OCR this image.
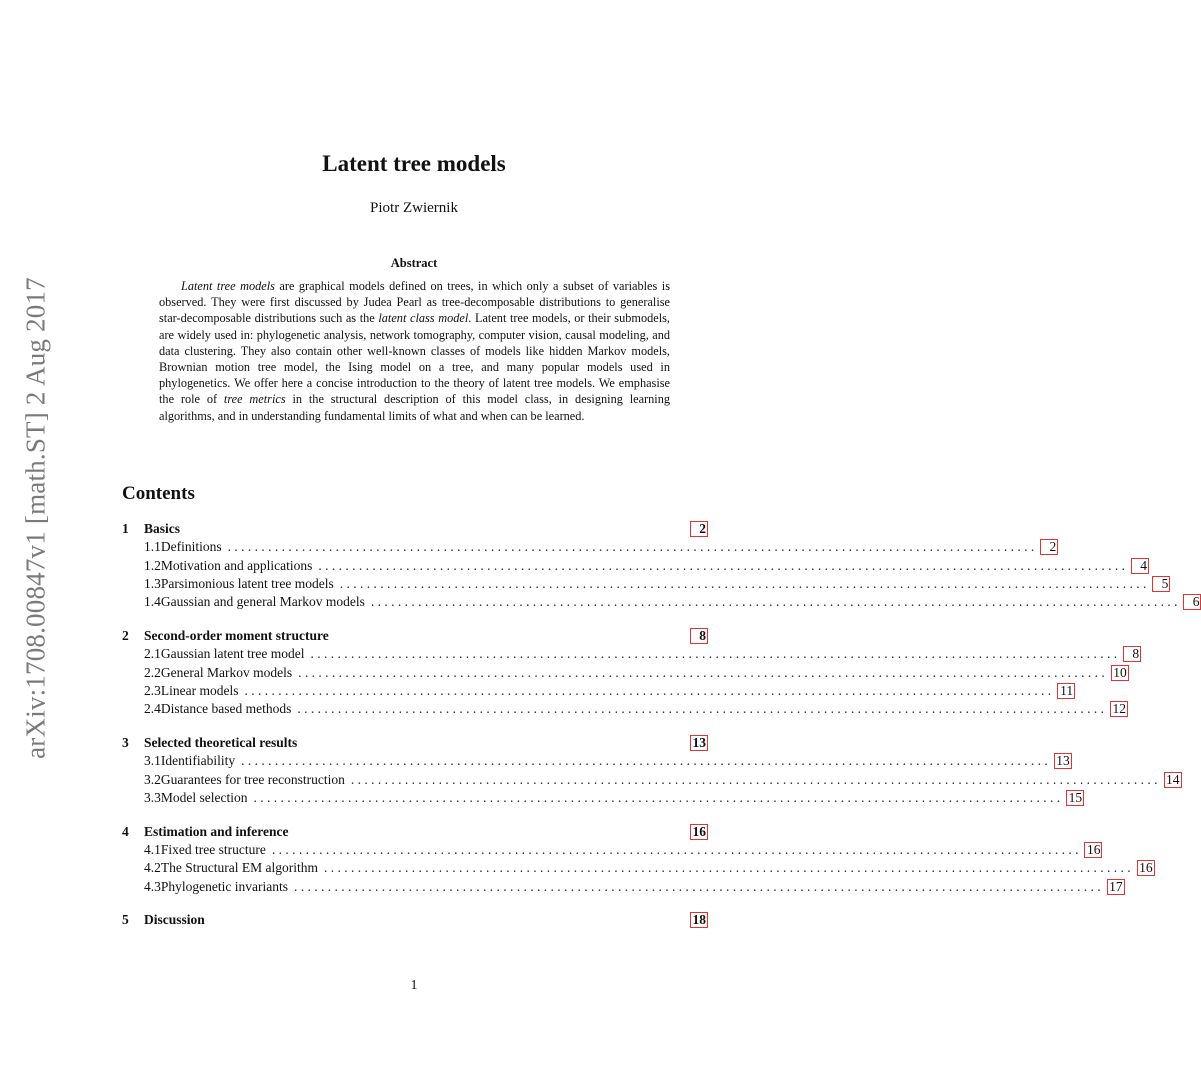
arXiv:1708.00847v1 [math.ST] 2 Aug 2017
Latent tree models
Piotr Zwiernik
Abstract

Latent tree models are graphical models defined on trees, in which only a subset of variables is observed. They were first discussed by Judea Pearl as tree-decomposable distributions to generalise star-decomposable distributions such as the latent class model. Latent tree models, or their submodels, are widely used in: phylogenetic analysis, network tomography, computer vision, causal modeling, and data clustering. They also contain other well-known classes of models like hidden Markov models, Brownian motion tree model, the Ising model on a tree, and many popular models used in phylogenetics. We offer here a concise introduction to the theory of latent tree models. We emphasise the role of tree metrics in the structural description of this model class, in designing learning algorithms, and in understanding fundamental limits of what and when can be learned.

Contents
1	Basics	2
1.1 Definitions . . . . . . . . . . . . . . . . . . . . . . . . . . . . . . . . . . . . . . . . . . . . . . . . . . . . . . . . . . . . . . . . . . . . . . . . . . . . . . . . . . . . . . . . . . . . . . . . . . . . . . . . . . . . . . . . . . . . . . . .	2
1.2 Motivation and applications . . . . . . . . . . . . . . . . . . . . . . . . . . . . . . . . . . . . . . . . . . . . . . . . . . . . . . . . . . . . . . . . . . . . . . . . . . . . . . . . . . . . . . . . . . . . . . . . . . . . . . . . . . . . . . . . . . . . . . . .	4
1.3 Parsimonious latent tree models . . . . . . . . . . . . . . . . . . . . . . . . . . . . . . . . . . . . . . . . . . . . . . . . . . . . . . . . . . . . . . . . . . . . . . . . . . . . . . . . . . . . . . . . . . . . . . . . . . . . . . . . . . . . . . . . . . . . . . . .	5
1.4 Gaussian and general Markov models . . . . . . . . . . . . . . . . . . . . . . . . . . . . . . . . . . . . . . . . . . . . . . . . . . . . . . . . . . . . . . . . . . . . . . . . . . . . . . . . . . . . . . . . . . . . . . . . . . . . . . . . . . . . . . . . . . . . . . . .	6
2	Second-order moment structure	8
2.1 Gaussian latent tree model . . . . . . . . . . . . . . . . . . . . . . . . . . . . . . . . . . . . . . . . . . . . . . . . . . . . . . . . . . . . . . . . . . . . . . . . . . . . . . . . . . . . . . . . . . . . . . . . . . . . . . . . . . . . . . . . . . . . . . . .	8
2.2 General Markov models . . . . . . . . . . . . . . . . . . . . . . . . . . . . . . . . . . . . . . . . . . . . . . . . . . . . . . . . . . . . . . . . . . . . . . . . . . . . . . . . . . . . . . . . . . . . . . . . . . . . . . . . . . . . . . . . . . . . . . . . 10
2.3 Linear models . . . . . . . . . . . . . . . . . . . . . . . . . . . . . . . . . . . . . . . . . . . . . . . . . . . . . . . . . . . . . . . . . . . . . . . . . . . . . . . . . . . . . . . . . . . . . . . . . . . . . . . . . . . . . . . . . . . . . . . . 11
2.4 Distance based methods . . . . . . . . . . . . . . . . . . . . . . . . . . . . . . . . . . . . . . . . . . . . . . . . . . . . . . . . . . . . . . . . . . . . . . . . . . . . . . . . . . . . . . . . . . . . . . . . . . . . . . . . . . . . . . . . . . . . . . . . 12
3	Selected theoretical results	13
3.1 Identifiability . . . . . . . . . . . . . . . . . . . . . . . . . . . . . . . . . . . . . . . . . . . . . . . . . . . . . . . . . . . . . . . . . . . . . . . . . . . . . . . . . . . . . . . . . . . . . . . . . . . . . . . . . . . . . . . . . . . . . . . . 13
3.2 Guarantees for tree reconstruction . . . . . . . . . . . . . . . . . . . . . . . . . . . . . . . . . . . . . . . . . . . . . . . . . . . . . . . . . . . . . . . . . . . . . . . . . . . . . . . . . . . . . . . . . . . . . . . . . . . . . . . . . . . . . . . . . . . . . . . . 14
3.3 Model selection . . . . . . . . . . . . . . . . . . . . . . . . . . . . . . . . . . . . . . . . . . . . . . . . . . . . . . . . . . . . . . . . . . . . . . . . . . . . . . . . . . . . . . . . . . . . . . . . . . . . . . . . . . . . . . . . . . . . . . . . 15
4	Estimation and inference	16
4.1 Fixed tree structure . . . . . . . . . . . . . . . . . . . . . . . . . . . . . . . . . . . . . . . . . . . . . . . . . . . . . . . . . . . . . . . . . . . . . . . . . . . . . . . . . . . . . . . . . . . . . . . . . . . . . . . . . . . . . . . . . . . . . . . . 16
4.2 The Structural EM algorithm . . . . . . . . . . . . . . . . . . . . . . . . . . . . . . . . . . . . . . . . . . . . . . . . . . . . . . . . . . . . . . . . . . . . . . . . . . . . . . . . . . . . . . . . . . . . . . . . . . . . . . . . . . . . . . . . . . . . . . . . 16
4.3 Phylogenetic invariants . . . . . . . . . . . . . . . . . . . . . . . . . . . . . . . . . . . . . . . . . . . . . . . . . . . . . . . . . . . . . . . . . . . . . . . . . . . . . . . . . . . . . . . . . . . . . . . . . . . . . . . . . . . . . . . . . . . . . . . . 17
5	Discussion	18
1
